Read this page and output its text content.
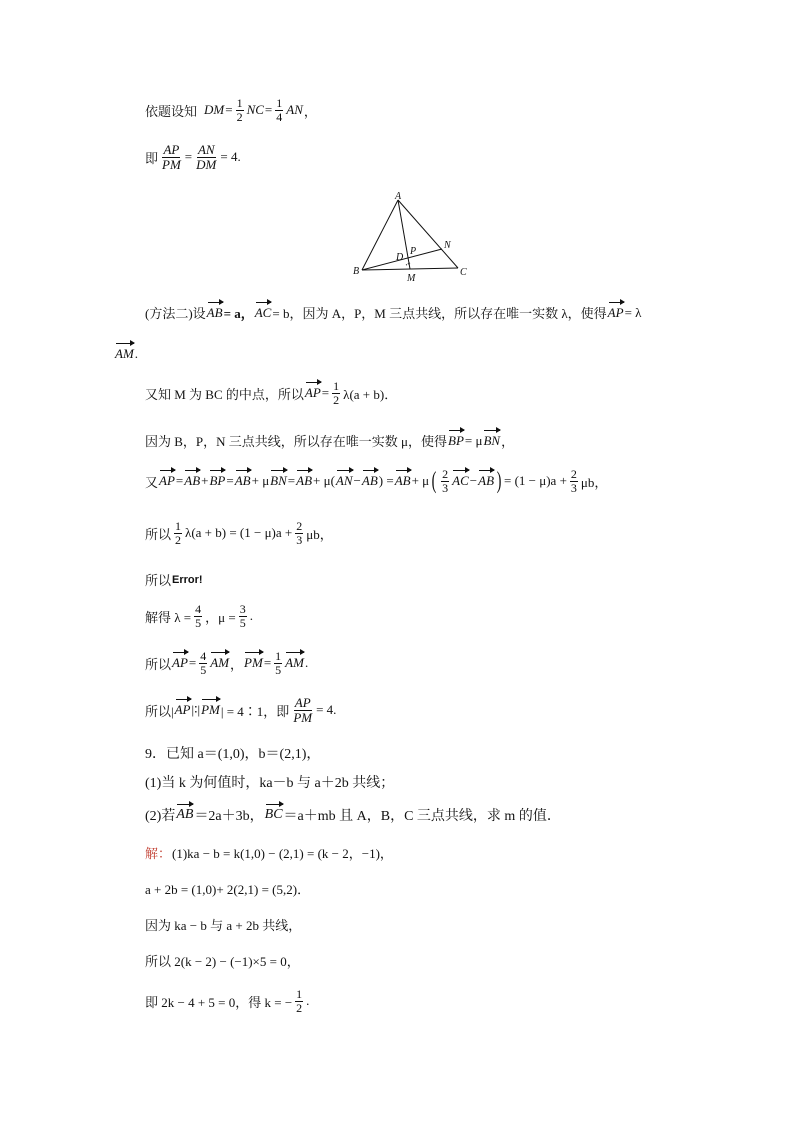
依题设知 DM = $\frac{1}{2}$ NC = $\frac{1}{4}$ AN ，
即 $\frac{AP}{PM} = \frac{AN}{DM} = 4$.
A
B	C
N
P
D
M
(方法二)设 AB = a， AC = b，因为 A，P，M 三点共线，所以存在唯一实数 λ，使得 AP = λ
AM .
又知 M 为 BC 的中点，所以 AP = $\frac{1}{2} \lambda(a + b)$．
因为 B，P，N 三点共线，所以存在唯一实数 μ，使得 BP = μ BN ，
又 AP = AB + BP = AB + μ BN = AB + μ( AN − AB ) = AB + μ ( $\frac{2}{3}$ AC − AB ) = $(1 - \mu)a + \frac{2}{3}$ μb，
所以 $\frac{1}{2} \lambda(a + b) = (1 - \mu)a + \frac{2}{3}$ μb，
所以 Error!
解得 $\lambda = \frac{4}{5}$ ，$\mu = \frac{3}{5}$ .
所以 AP = $\frac{4}{5}$ AM ， PM = $\frac{1}{5}$ AM .
所以| AP |∶| PM | = 4∶1，即 $\frac{AP}{PM} = 4$.
9．已知 a＝(1,0)，b＝(2,1)，
(1)当 k 为何值时，ka－b 与 a＋2b 共线；
(2)若 AB ＝2a＋3b， BC ＝a＋mb 且 A，B，C 三点共线，求 m 的值．
解： (1)ka − b = k(1,0) − (2,1) = (k − 2，−1)，
a + 2b = (1,0)+ 2(2,1) = (5,2)．
因为 ka − b 与 a + 2b 共线，
所以 2(k − 2) − (−1)×5 = 0，
即 2k − 4 + 5 = 0，得 k = − $\frac{1}{2}$ .
